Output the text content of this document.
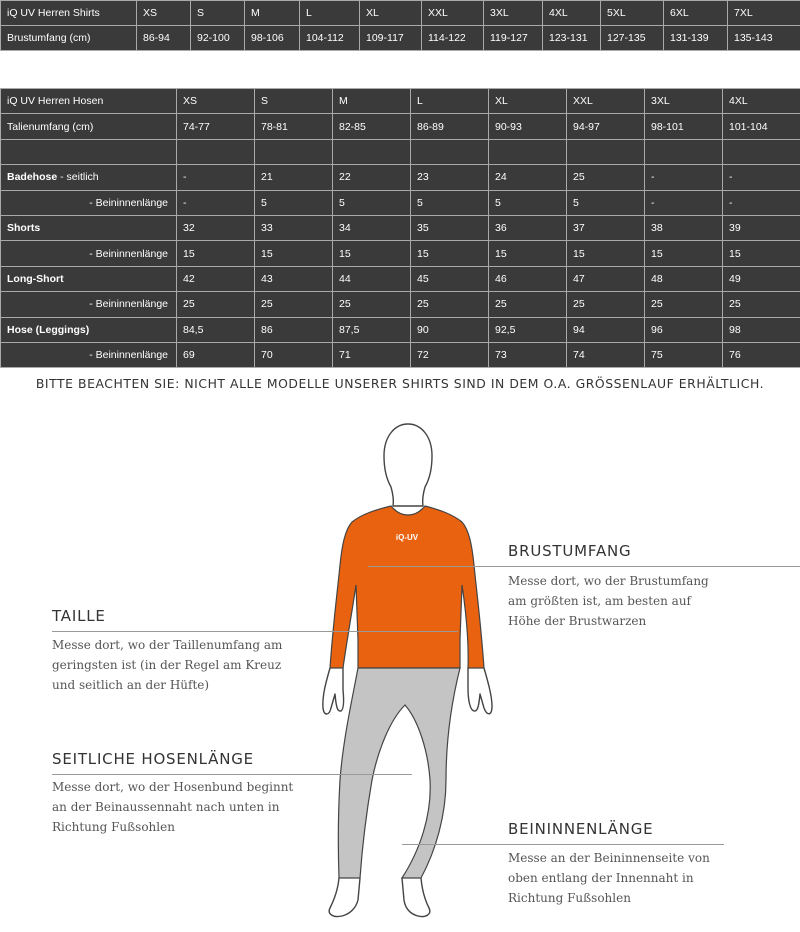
iQ UV Herren Shirts	XS	S	M	L	XL	XXL	3XL	4XL	5XL	6XL	7XL
Brustumfang (cm)	86-94	92-100	98-106	104-112	109-117	114-122	119-127	123-131	127-135	131-139	135-143
iQ UV Herren Hosen	XS	S	M	L	XL	XXL	3XL	4XL
Talienumfang (cm)	74-77	78-81	82-85	86-89	90-93	94-97	98-101	101-104

Badehose - seitlich	-	21	22	23	24	25	-	-
- Beininnenlänge	-	5	5	5	5	5	-	-
Shorts	32	33	34	35	36	37	38	39
- Beininnenlänge	15	15	15	15	15	15	15	15
Long-Short	42	43	44	45	46	47	48	49
- Beininnenlänge	25	25	25	25	25	25	25	25
Hose (Leggings)	84,5	86	87,5	90	92,5	94	96	98
- Beininnenlänge	69	70	71	72	73	74	75	76
BITTE BEACHTEN SIE: NICHT ALLE MODELLE UNSERER SHIRTS SIND IN DEM O.A. GRÖSSENLAUF ERHÄLTLICH.
iQ-UV
BRUSTUMFANG
Messe dort, wo der Brustumfang
am größten ist, am besten auf
Höhe der Brustwarzen
TAILLE
Messe dort, wo der Taillenumfang am
geringsten ist (in der Regel am Kreuz
und seitlich an der Hüfte)
SEITLICHE HOSENLÄNGE
Messe dort, wo der Hosenbund beginnt
an der Beinaussennaht nach unten in
Richtung Fußsohlen	BEININNENLÄNGE
Messe an der Beininnenseite von
oben entlang der Innennaht in
Richtung Fußsohlen
